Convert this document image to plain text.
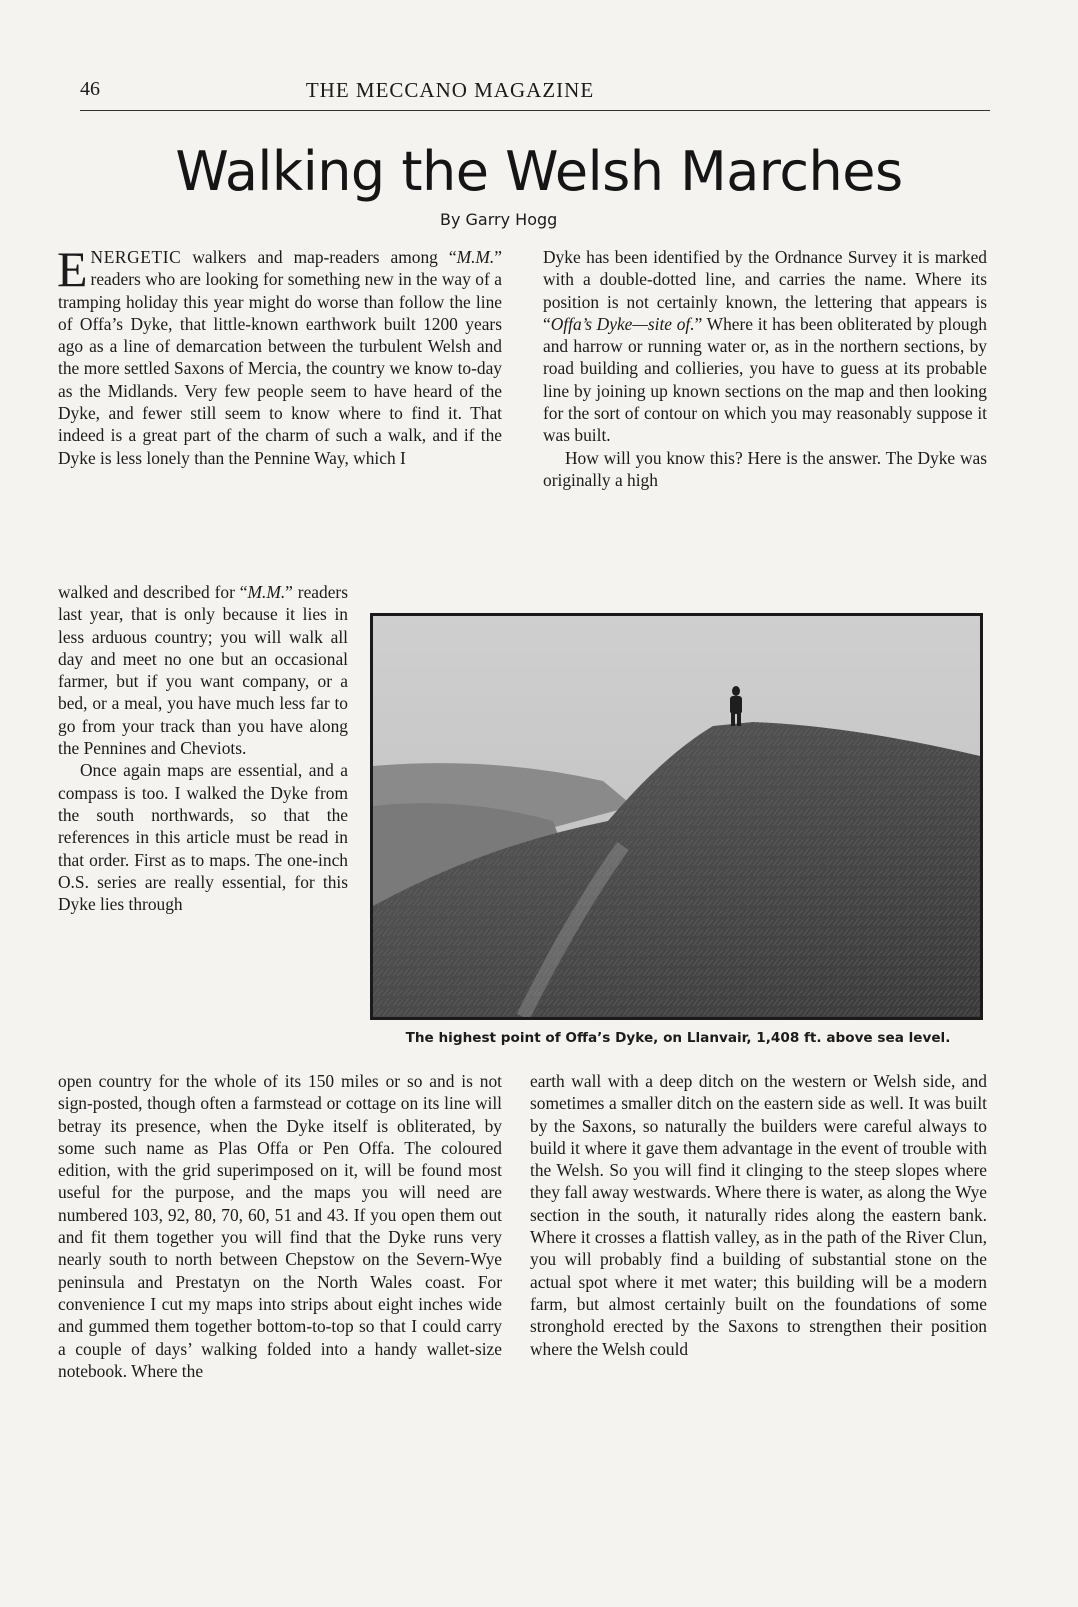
46	THE MECCANO MAGAZINE
Walking the Welsh Marches
By Garry Hogg

ENERGETIC walkers and map-readers among “M.M.” readers who are looking for something new in the way of a tramping holiday this year might do worse than follow the line of Offa’s Dyke, that little-known earthwork built 1200 years ago as a line of demarcation between the turbulent Welsh and the more settled Saxons of Mercia, the country we know to-day as the Midlands. Very few people seem to have heard of the Dyke, and fewer still seem to know where to find it. That indeed is a great part of the charm of such a walk, and if the Dyke is less lonely than the Pennine Way, which I

walked and described for “M.M.” readers last year, that is only because it lies in less arduous country; you will walk all day and meet no one but an occasional farmer, but if you want company, or a bed, or a meal, you have much less far to go from your track than you have along the Pennines and Cheviots.

Once again maps are essential, and a compass is too. I walked the Dyke from the south northwards, so that the references in this article must be read in that order. First as to maps. The one-inch O.S. series are really essential, for this Dyke lies through

open country for the whole of its 150 miles or so and is not sign-posted, though often a farmstead or cottage on its line will betray its presence, when the Dyke itself is obliterated, by some such name as Plas Offa or Pen Offa. The coloured edition, with the grid superimposed on it, will be found most useful for the purpose, and the maps you will need are numbered 103, 92, 80, 70, 60, 51 and 43. If you open them out and fit them together you will find that the Dyke runs very nearly south to north between Chepstow on the Severn-Wye peninsula and Prestatyn on the North Wales coast. For convenience I cut my maps into strips about eight inches wide and gummed them together bottom-to-top so that I could carry a couple of days’ walking folded into a handy wallet-size notebook. Where the

Dyke has been identified by the Ordnance Survey it is marked with a double-dotted line, and carries the name. Where its position is not certainly known, the lettering that appears is “Offa’s Dyke—site of.” Where it has been obliterated by plough and harrow or running water or, as in the northern sections, by road building and collieries, you have to guess at its probable line by joining up known sections on the map and then looking for the sort of contour on which you may reasonably suppose it was built.

How will you know this? Here is the answer. The Dyke was originally a high

The highest point of Offa’s Dyke, on Llanvair, 1,408 ft. above sea level.

earth wall with a deep ditch on the western or Welsh side, and sometimes a smaller ditch on the eastern side as well. It was built by the Saxons, so naturally the builders were careful always to build it where it gave them advantage in the event of trouble with the Welsh. So you will find it clinging to the steep slopes where they fall away westwards. Where there is water, as along the Wye section in the south, it naturally rides along the eastern bank. Where it crosses a flattish valley, as in the path of the River Clun, you will probably find a building of substantial stone on the actual spot where it met water; this building will be a modern farm, but almost certainly built on the foundations of some stronghold erected by the Saxons to strengthen their position where the Welsh could
